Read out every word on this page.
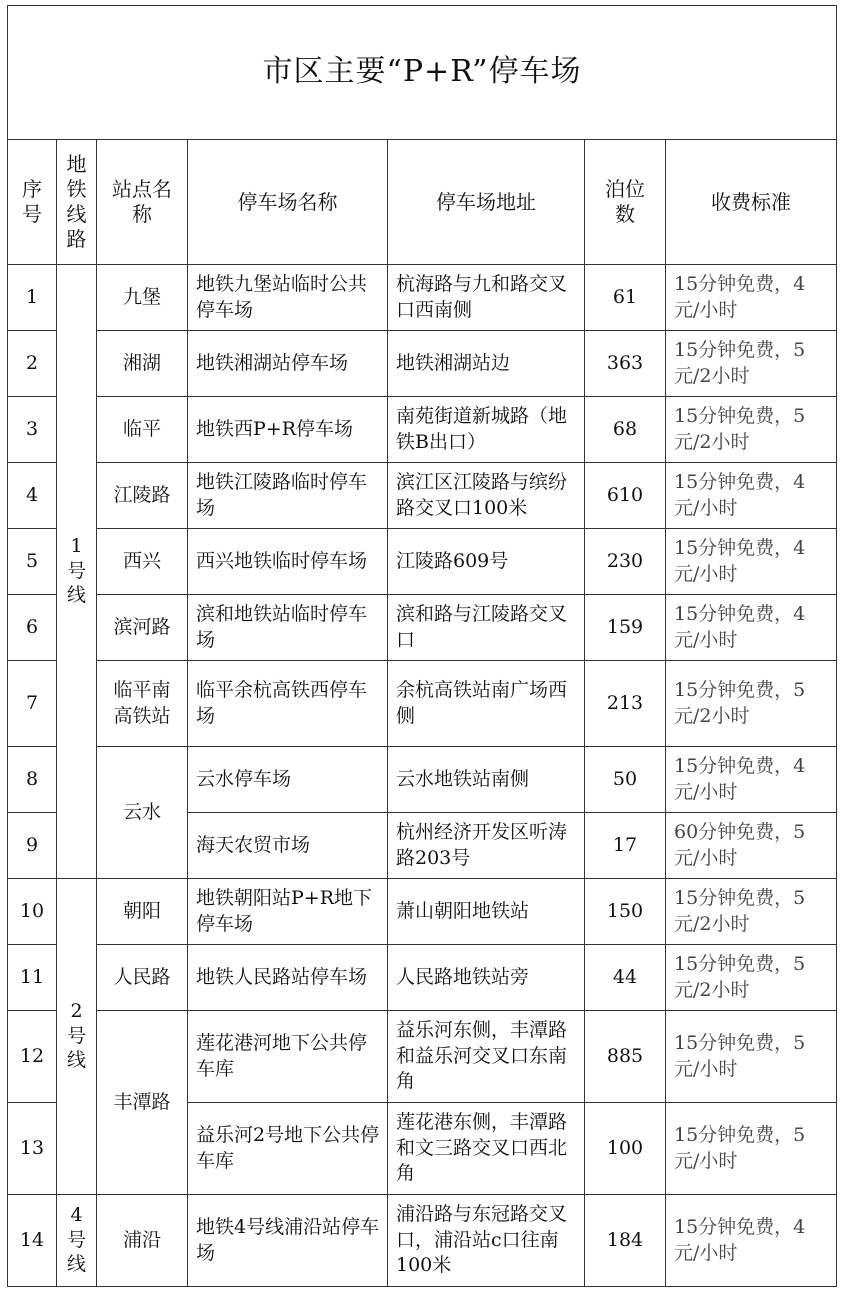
市区主要“P+R”停车场						
序号	地铁线路	站点名称	停车场名称	停车场地址	泊位数	收费标准
1	1号线	九堡	地铁九堡站临时公共停车场	杭海路与九和路交叉口西南侧	61	15分钟免费，4元/小时
2		湘湖	地铁湘湖站停车场	地铁湘湖站边	363	15分钟免费，5元/2小时
3		临平	地铁西P+R停车场	南苑街道新城路（地铁B出口）	68	15分钟免费，5元/2小时
4		江陵路	地铁江陵路临时停车场	滨江区江陵路与缤纷路交叉口100米	610	15分钟免费，4元/小时
5		西兴	西兴地铁临时停车场	江陵路609号	230	15分钟免费，4元/小时
6		滨河路	滨和地铁站临时停车场	滨和路与江陵路交叉口	159	15分钟免费，4元/小时
7		临平南高铁站	临平余杭高铁西停车场	余杭高铁站南广场西侧	213	15分钟免费，5元/2小时
8		云水	云水停车场	云水地铁站南侧	50	15分钟免费，4元/小时
9			海天农贸市场	杭州经济开发区听涛路203号	17	60分钟免费，5元/小时
10	2号线	朝阳	地铁朝阳站P+R地下停车场	萧山朝阳地铁站	150	15分钟免费，5元/2小时
11		人民路	地铁人民路站停车场	人民路地铁站旁	44	15分钟免费，5元/2小时
12		丰潭路	莲花港河地下公共停车库	益乐河东侧，丰潭路和益乐河交叉口东南角	885	15分钟免费，5元/小时
13			益乐河2号地下公共停车库	莲花港东侧，丰潭路和文三路交叉口西北角	100	15分钟免费，5元/小时
14	4号线	浦沿	地铁4号线浦沿站停车场	浦沿路与东冠路交叉口，浦沿站c口往南100米	184	15分钟免费，4元/小时
